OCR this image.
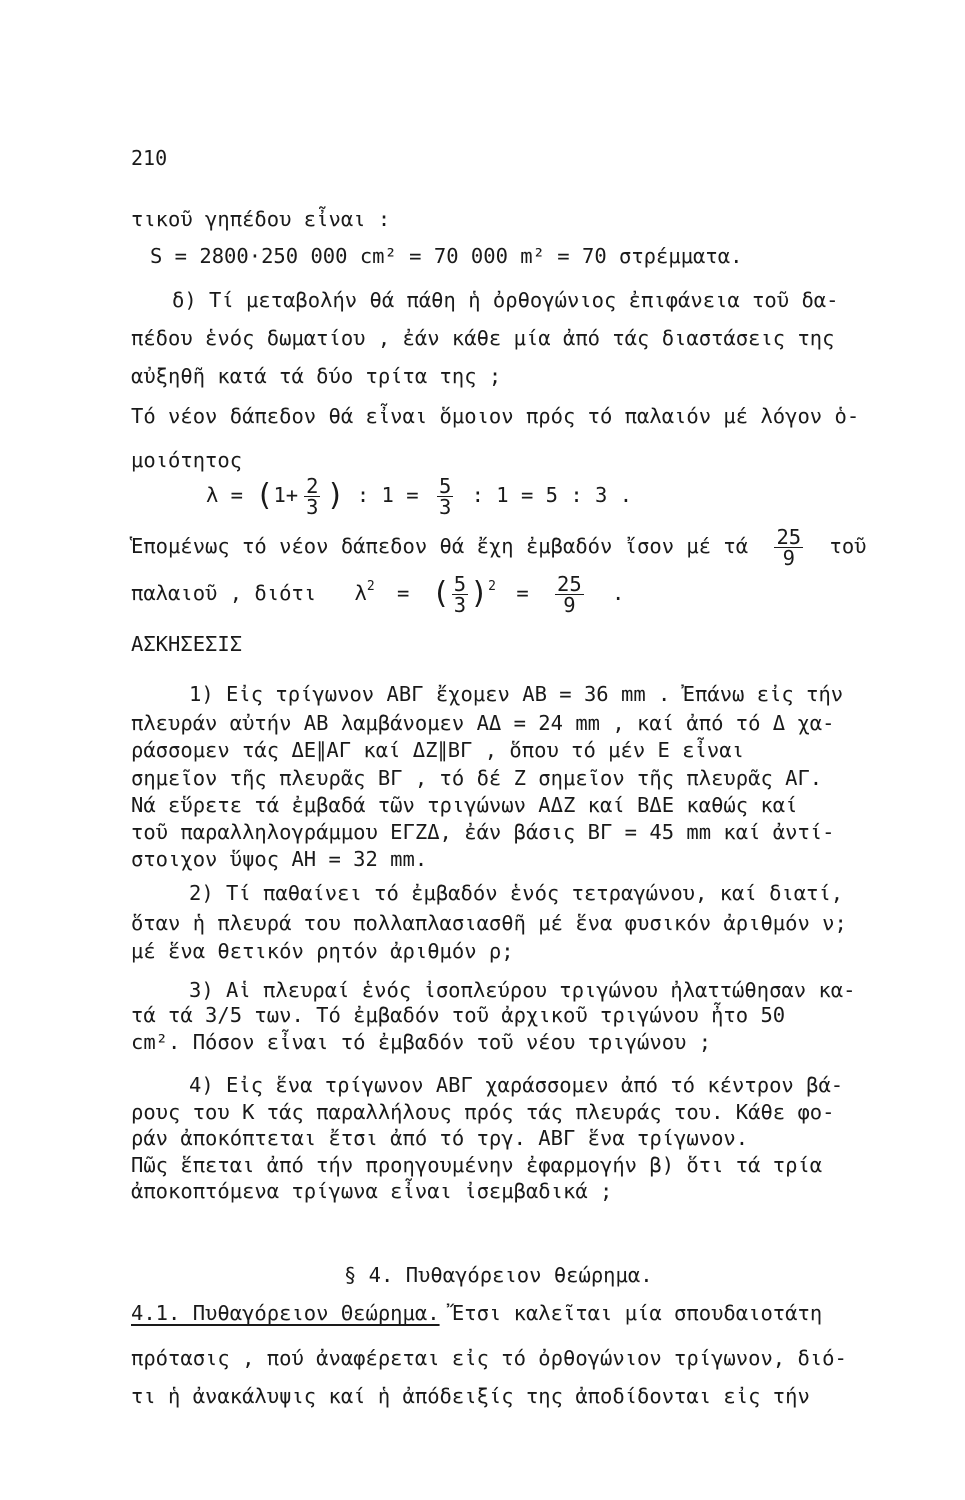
210
τικοῦ γηπέδου εἶναι :
S = 2800·250 000 cm² = 70 000 m² = 70 στρέμματα.
δ) Τί μεταβολήν θά πάθη ἡ ὀρθογώνιος ἐπιφάνεια τοῦ δα-
πέδου ἑνός δωματίου , ἐάν κάθε μία ἀπό τάς διαστάσεις της
αὐξηθῆ κατά τά δύο τρίτα της ;
Τό νέον δάπεδον θά εἶναι ὅμοιον πρός τό παλαιόν μέ λόγον ὁ-
μοιότητος
$\lambda = (1+ \frac{2}{3}$ ) : $1 = \frac{5}{3}$ : 1 = 5 : 3 .
Ἑπομένως τό νέον δάπεδον θά ἔχη ἐμβαδόν ἴσον μέ τά $\frac{25}{9}$ τοῦ
παλαιοῦ , διότι $\lambda^2$ = ( $\frac{5}{3} )^2 = \frac{25}{9}$ .
ΑΣΚΗΣΕΣΙΣ
1) Εἰς τρίγωνον ΑΒΓ ἔχομεν ΑΒ = 36 mm . Ἐπάνω εἰς τήν
πλευράν αὐτήν ΑΒ λαμβάνομεν ΑΔ = 24 mm , καί ἀπό τό Δ χα-
ράσσομεν τάς ΔΕ∥ΑΓ καί ΔΖ∥ΒΓ , ὅπου τό μέν Ε εἶναι
σημεῖον τῆς πλευρᾶς ΒΓ , τό δέ Ζ σημεῖον τῆς πλευρᾶς ΑΓ.
Νά εὕρετε τά ἐμβαδά τῶν τριγώνων ΑΔΖ καί ΒΔΕ καθώς καί
τοῦ παραλληλογράμμου ΕΓΖΔ, ἐάν βάσις ΒΓ = 45 mm καί ἀντί-
στοιχον ὕψος ΑΗ = 32 mm.
2) Τί παθαίνει τό ἐμβαδόν ἑνός τετραγώνου, καί διατί,
ὅταν ἡ πλευρά του πολλαπλασιασθῆ μέ ἕνα φυσικόν ἀριθμόν ν;
μέ ἕνα θετικόν ρητόν ἀριθμόν ρ;
3) Αἱ πλευραί ἑνός ἰσοπλεύρου τριγώνου ἠλαττώθησαν κα-
τά τά 3/5 των. Τό ἐμβαδόν τοῦ ἀρχικοῦ τριγώνου ἦτο 50
cm². Πόσον εἶναι τό ἐμβαδόν τοῦ νέου τριγώνου ;
4) Εἰς ἕνα τρίγωνον ΑΒΓ χαράσσομεν ἀπό τό κέντρον βά-
ρους του Κ τάς παραλλήλους πρός τάς πλευράς του. Κάθε φο-
ράν ἀποκόπτεται ἔτσι ἀπό τό τργ. ΑΒΓ ἕνα τρίγωνον.
Πῶς ἕπεται ἀπό τήν προηγουμένην ἐφαρμογήν β) ὅτι τά τρία
ἀποκοπτόμενα τρίγωνα εἶναι ἰσεμβαδικά ;
§ 4. Πυθαγόρειον θεώρημα.
4.1. Πυθαγόρειον Θεώρημα. Ἔτσι καλεῖται μία σπουδαιοτάτη
πρότασις , πού ἀναφέρεται εἰς τό ὀρθογώνιον τρίγωνον, διό-
τι ἡ ἀνακάλυψις καί ἡ ἀπόδειξίς της ἀποδίδονται εἰς τήν
